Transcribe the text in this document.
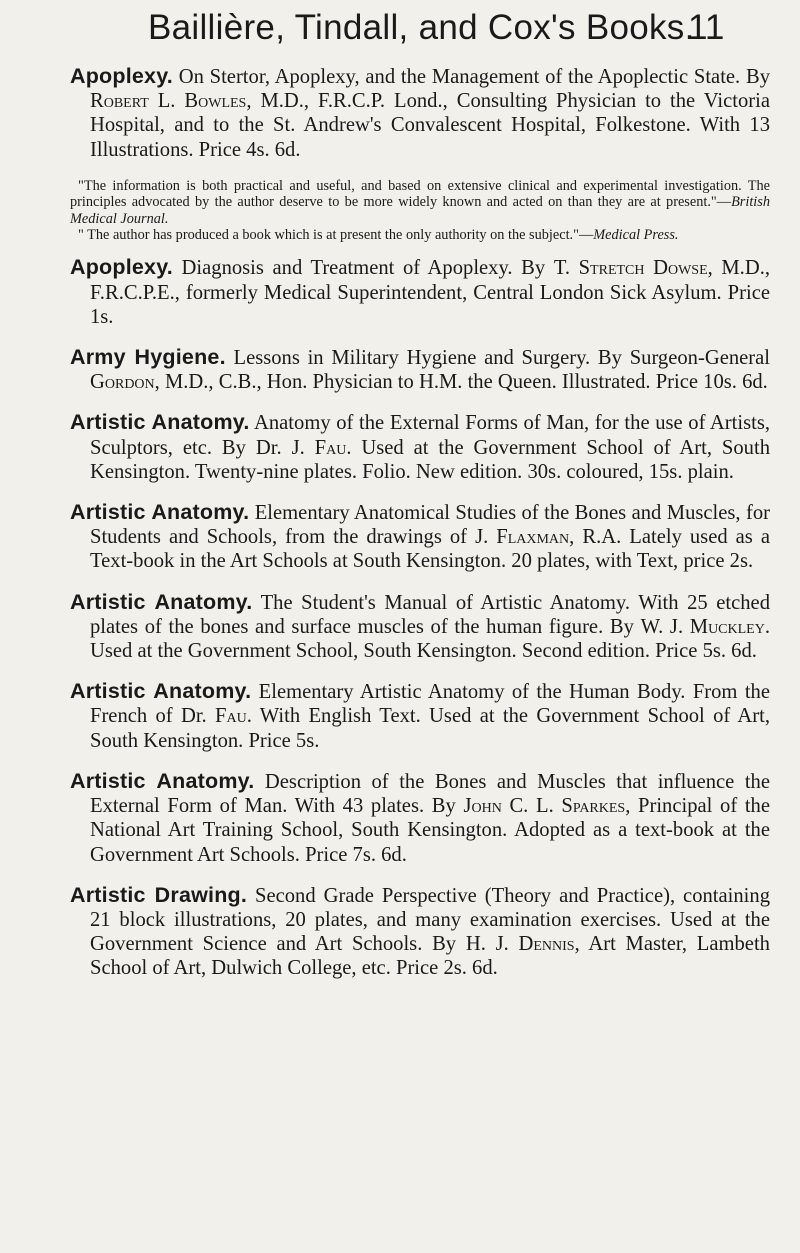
Baillière, Tindall, and Cox's Books.
11

Apoplexy. On Stertor, Apoplexy, and the Management of the Apoplectic State. By Robert L. Bowles, M.D., F.R.C.P. Lond., Consulting Physician to the Victoria Hospital, and to the St. Andrew's Convalescent Hospital, Folkestone. With 13 Illustrations. Price 4s. 6d.

"The information is both practical and useful, and based on extensive clinical and experimental investigation. The principles advocated by the author deserve to be more widely known and acted on than they are at present."—British Medical Journal.

" The author has produced a book which is at present the only authority on the subject."—Medical Press.

Apoplexy. Diagnosis and Treatment of Apoplexy. By T. Stretch Dowse, M.D., F.R.C.P.E., formerly Medical Superintendent, Central London Sick Asylum. Price 1s.

Army Hygiene. Lessons in Military Hygiene and Surgery. By Surgeon-General Gordon, M.D., C.B., Hon. Physician to H.M. the Queen. Illustrated. Price 10s. 6d.

Artistic Anatomy. Anatomy of the External Forms of Man, for the use of Artists, Sculptors, etc. By Dr. J. Fau. Used at the Government School of Art, South Kensington. Twenty-nine plates. Folio. New edition. 30s. coloured, 15s. plain.

Artistic Anatomy. Elementary Anatomical Studies of the Bones and Muscles, for Students and Schools, from the drawings of J. Flaxman, R.A. Lately used as a Text-book in the Art Schools at South Kensington. 20 plates, with Text, price 2s.

Artistic Anatomy. The Student's Manual of Artistic Anatomy. With 25 etched plates of the bones and surface muscles of the human figure. By W. J. Muckley. Used at the Government School, South Kensington. Second edition. Price 5s. 6d.

Artistic Anatomy. Elementary Artistic Anatomy of the Human Body. From the French of Dr. Fau. With English Text. Used at the Government School of Art, South Kensington. Price 5s.

Artistic Anatomy. Description of the Bones and Muscles that influence the External Form of Man. With 43 plates. By John C. L. Sparkes, Principal of the National Art Training School, South Kensington. Adopted as a text-book at the Government Art Schools. Price 7s. 6d.

Artistic Drawing. Second Grade Perspective (Theory and Practice), containing 21 block illustrations, 20 plates, and many examination exercises. Used at the Government Science and Art Schools. By H. J. Dennis, Art Master, Lambeth School of Art, Dulwich College, etc. Price 2s. 6d.
